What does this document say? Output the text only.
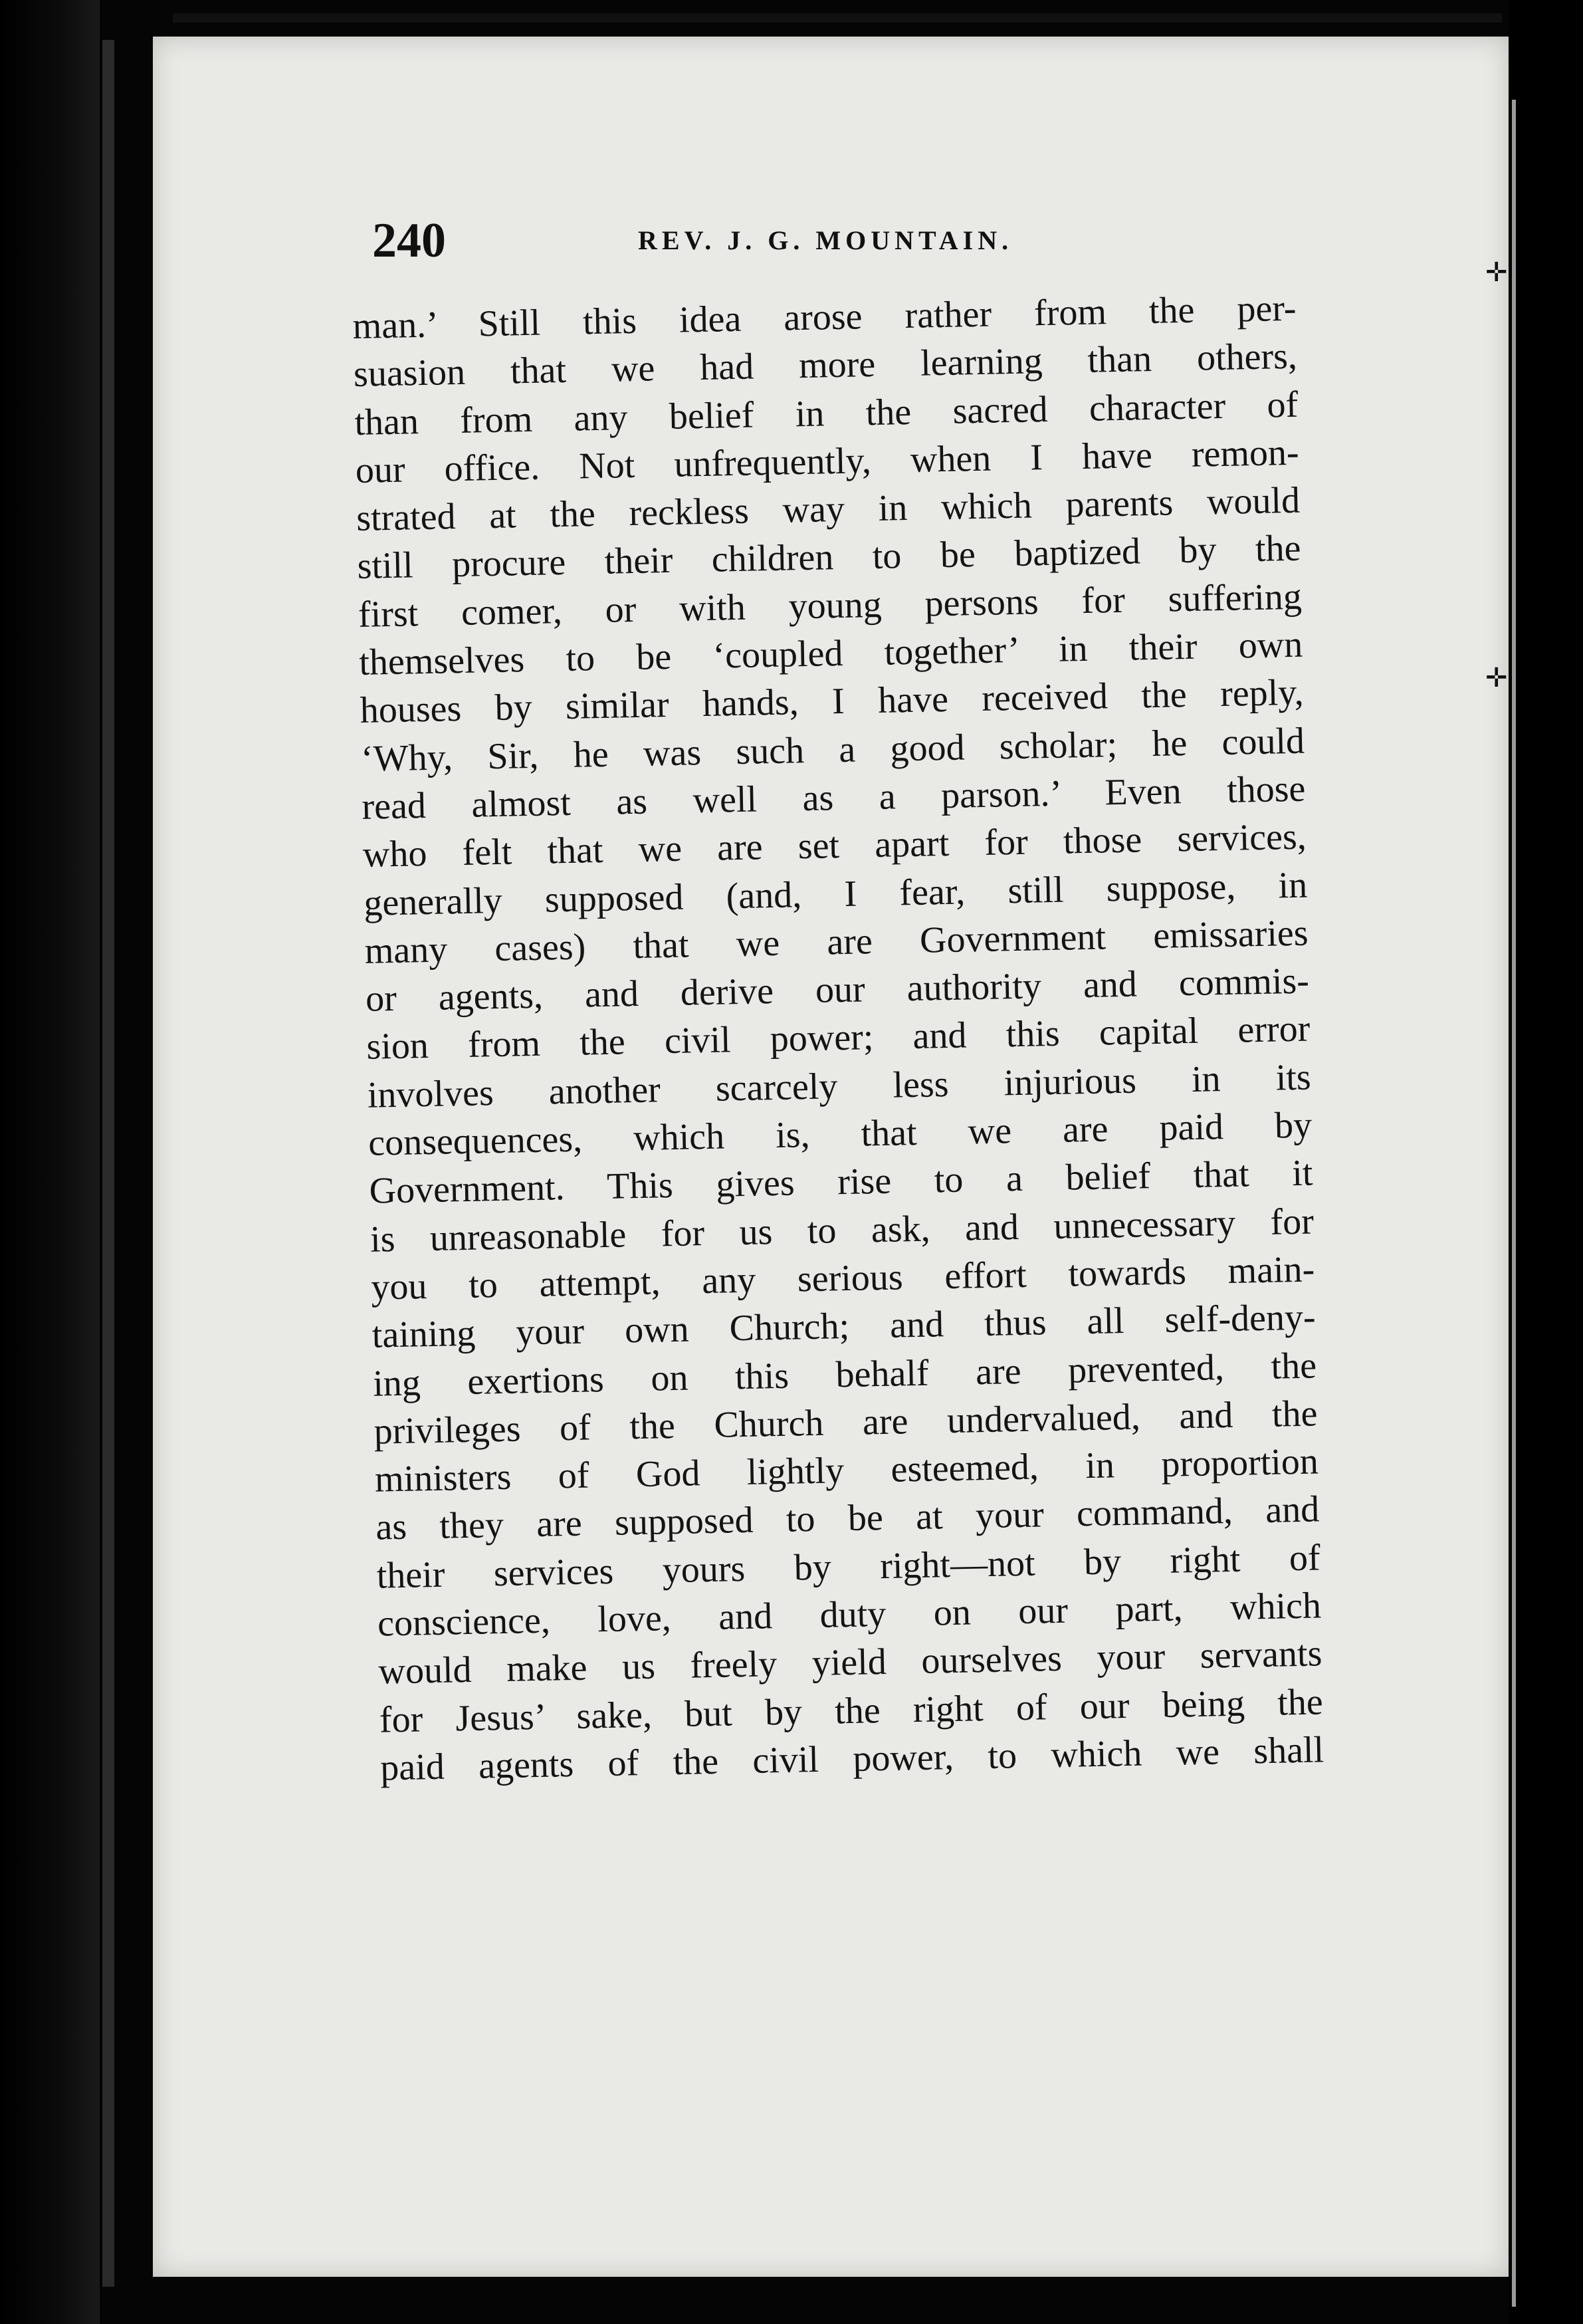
✛
✛
240	REV. J. G. MOUNTAIN.
man.’ Still this idea arose rather from the per-
suasion that we had more learning than others,
than from any belief in the sacred character of
our office. Not unfrequently, when I have remon-
strated at the reckless way in which parents would
still procure their children to be baptized by the
first comer, or with young persons for suffering
themselves to be ‘coupled together’ in their own
houses by similar hands, I have received the reply,
‘Why, Sir, he was such a good scholar; he could
read almost as well as a parson.’ Even those
who felt that we are set apart for those services,
generally supposed (and, I fear, still suppose, in
many cases) that we are Government emissaries
or agents, and derive our authority and commis-
sion from the civil power; and this capital error
involves another scarcely less injurious in its
consequences, which is, that we are paid by
Government. This gives rise to a belief that it
is unreasonable for us to ask, and unnecessary for
you to attempt, any serious effort towards main-
taining your own Church; and thus all self-deny-
ing exertions on this behalf are prevented, the
privileges of the Church are undervalued, and the
ministers of God lightly esteemed, in proportion
as they are supposed to be at your command, and
their services yours by right—not by right of
conscience, love, and duty on our part, which
would make us freely yield ourselves your servants
for Jesus’ sake, but by the right of our being the
paid agents of the civil power, to which we shall
